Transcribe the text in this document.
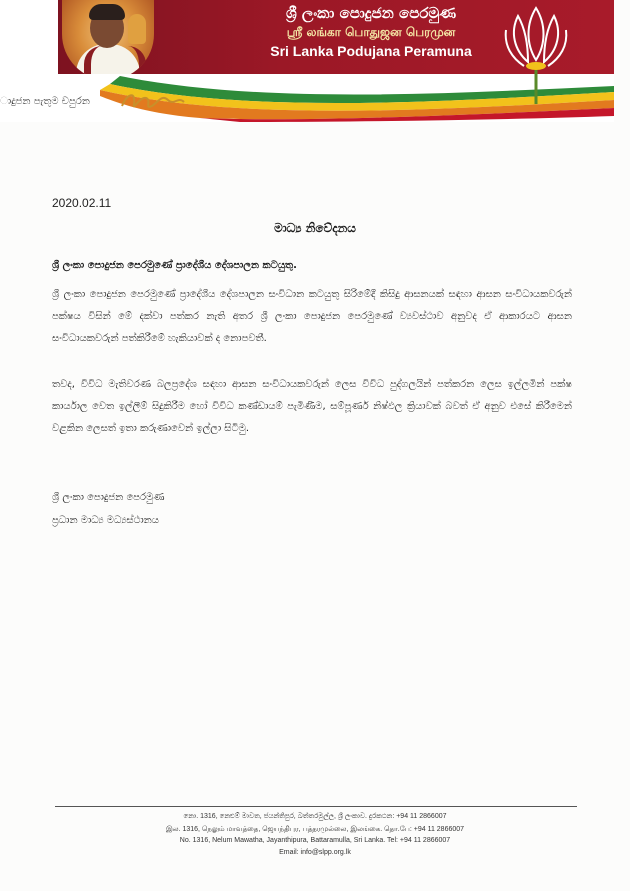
ශ්‍රී ලංකා පොදුජන පෙරමුණ
ஸ்ரீ லங்கா பொதுஜன பெரமுன
Sri Lanka Podujana Peramuna
ාදුජන පැතුම චපුරන
2020.02.11
මාධ්‍ය නිවේදනය
ශ්‍රී ලංකා පොදුජන පෙරමුණේ ප්‍රාදේශීය දේශපාලන කටයුතු.
ශ්‍රී ලංකා පොදුජන පෙරමුණේ ප්‍රාදේශීය දේශපාලන සංවිධාන කටයුතු සිරිමේදී කිසිදු ආසනයක් සඳහා ආසන සංවිධායකවරුන් පක්ෂය විසින් මේ දක්වා පත්කර නැති අතර ශ්‍රී ලංකා පොදුජන පෙරමුණේ ව්‍යවස්ථාව අනුවද ඒ ආකාරයට ආසන සංවිධායකවරුන් පත්කිරීමේ හැකියාවක් ද නොපවතී.
තවද, විවිධ මැතිවරණ බලප්‍රදේශ සඳහා ආසන සංවිධායකවරුන් ලෙස විවිධ පුද්ගලයින් පත්කරන ලෙස ඉල්ලමින් පක්ෂ කාර්යාල වෙත ඉල්ලීම් සිදුකිරීම හෝ විවිධ කණ්ඩායම් පැමිණීම, සම්පූර්ණ නිෂ්ඵල ක්‍රියාවක් බවත් ඒ අනුව එසේ කිරීමෙන් වළකින ලෙසත් ඉතා කරුණාවෙන් ඉල්ලා සිටිමු.
ශ්‍රී ලංකා පොදුජන පෙරමුණ
ප්‍රධාන මාධ්‍ය මධ්‍යස්ථානය
නො. 1316, නෙළුම් මාවත, ජයන්තිපුර, බත්තරමුල්ල, ශ්‍රී ලංකාව. දුරකථන: +94 11 2866007
இல. 1316, நெலும் மாவத்தை, ஜெயந்திபுர, பத்தரமுல்லை, இலங்கை. தொ.பே: +94 11 2866007
No. 1316, Nelum Mawatha, Jayanthipura, Battaramulla, Sri Lanka. Tel: +94 11 2866007
Email: info@slpp.org.lk
